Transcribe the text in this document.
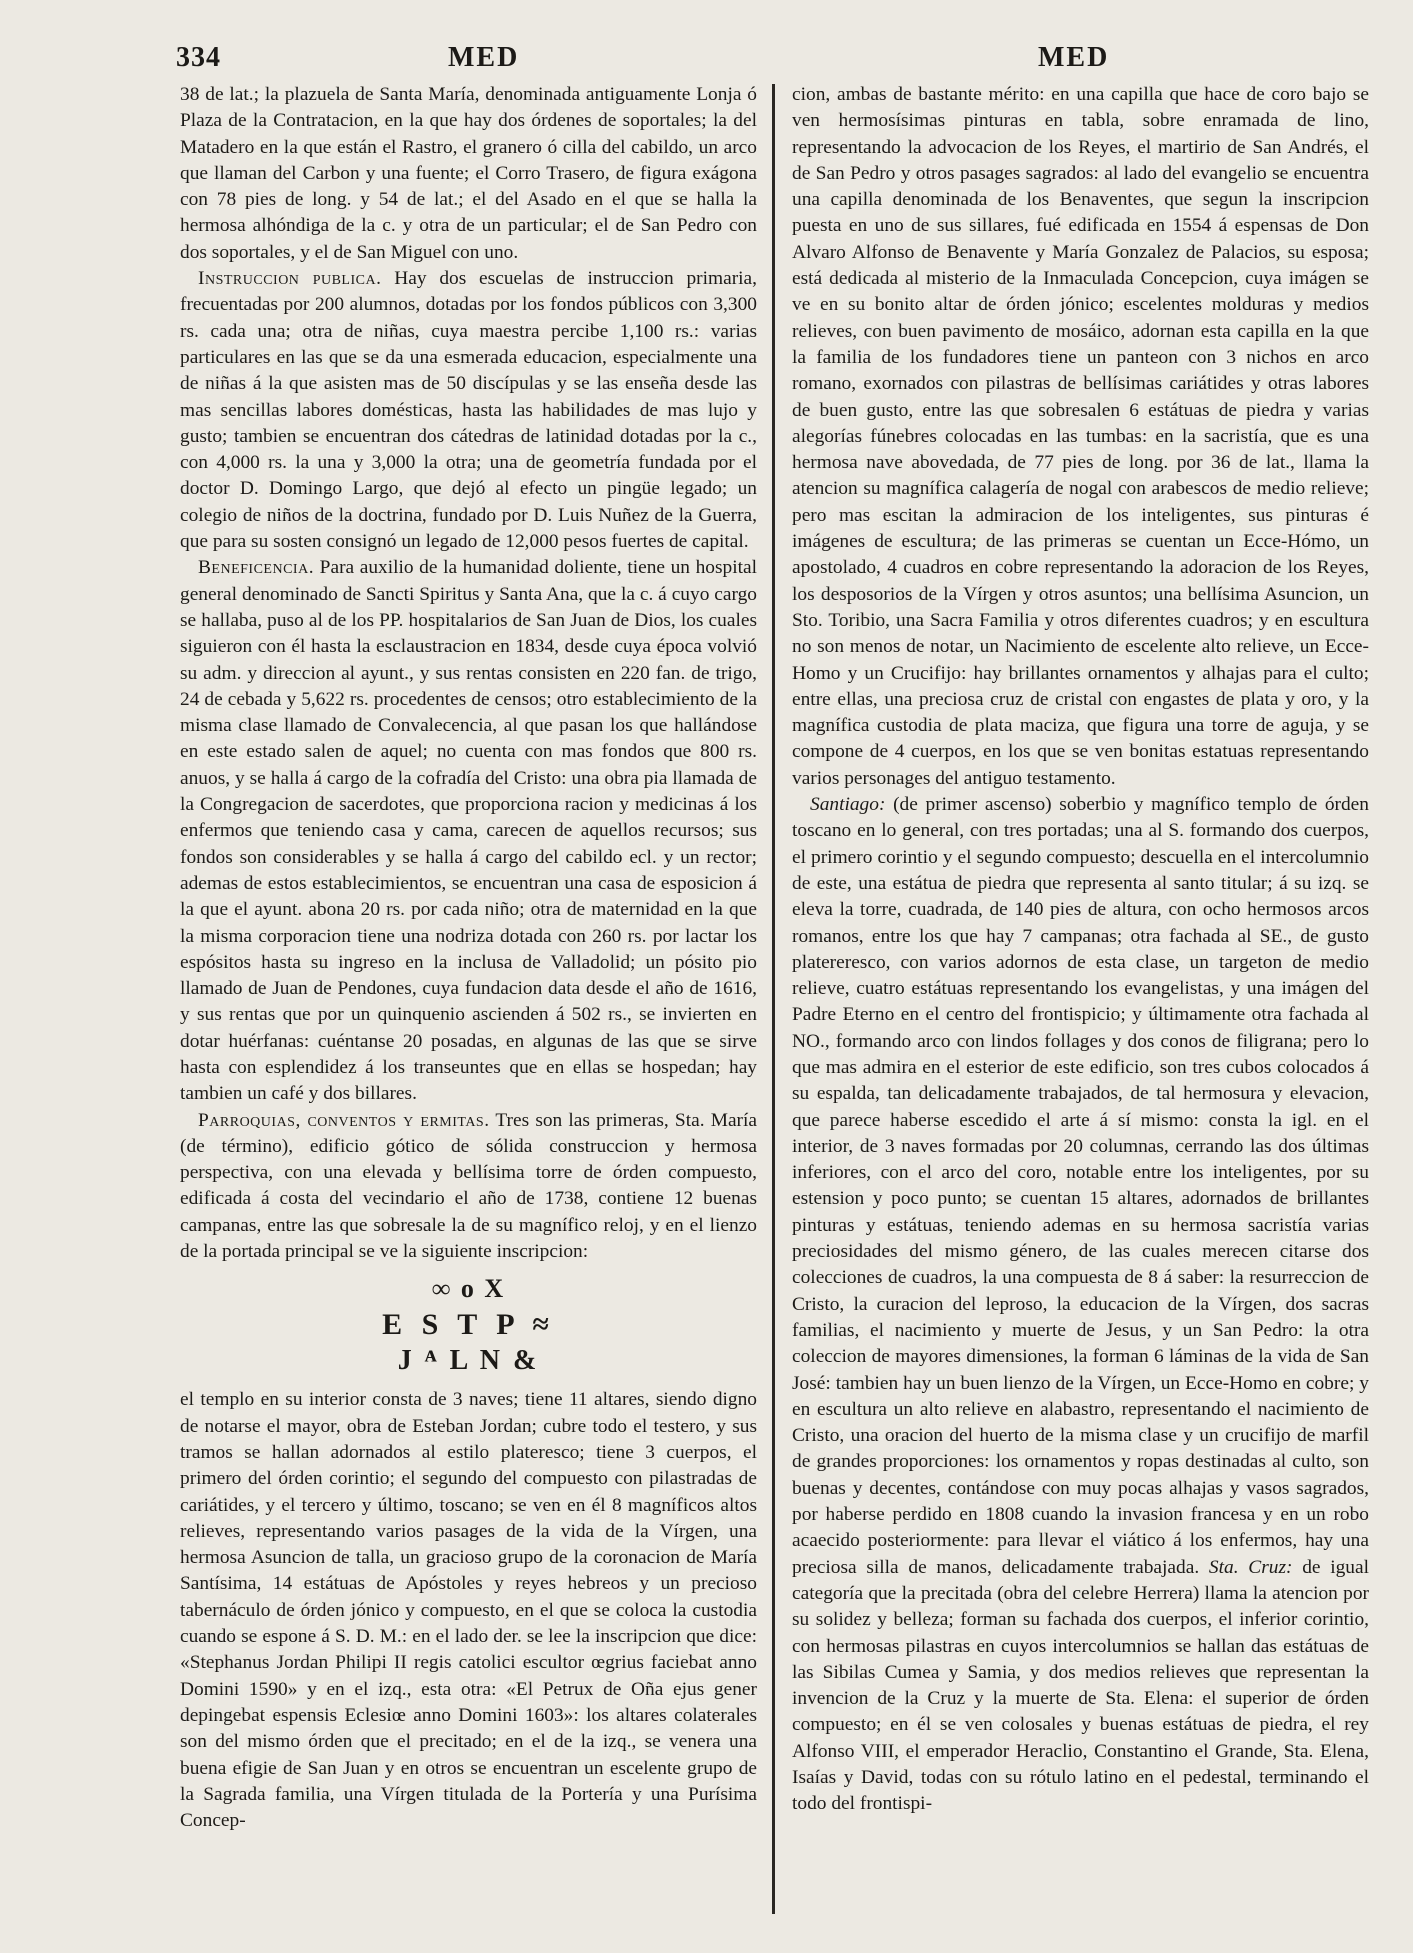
334	MED	MED

38 de lat.; la plazuela de Santa María, denominada antiguamente Lonja ó Plaza de la Contratacion, en la que hay dos órdenes de soportales; la del Matadero en la que están el Rastro, el granero ó cilla del cabildo, un arco que llaman del Carbon y una fuente; el Corro Trasero, de figura exágona con 78 pies de long. y 54 de lat.; el del Asado en el que se halla la hermosa alhóndiga de la c. y otra de un particular; el de San Pedro con dos soportales, y el de San Miguel con uno.

Instruccion publica. Hay dos escuelas de instruccion primaria, frecuentadas por 200 alumnos, dotadas por los fondos públicos con 3,300 rs. cada una; otra de niñas, cuya maestra percibe 1,100 rs.: varias particulares en las que se da una esmerada educacion, especialmente una de niñas á la que asisten mas de 50 discípulas y se las enseña desde las mas sencillas labores domésticas, hasta las habilidades de mas lujo y gusto; tambien se encuentran dos cátedras de latinidad dotadas por la c., con 4,000 rs. la una y 3,000 la otra; una de geometría fundada por el doctor D. Domingo Largo, que dejó al efecto un pingüe legado; un colegio de niños de la doctrina, fundado por D. Luis Nuñez de la Guerra, que para su sosten consignó un legado de 12,000 pesos fuertes de capital.

Beneficencia. Para auxilio de la humanidad doliente, tiene un hospital general denominado de Sancti Spiritus y Santa Ana, que la c. á cuyo cargo se hallaba, puso al de los PP. hospitalarios de San Juan de Dios, los cuales siguieron con él hasta la esclaustracion en 1834, desde cuya época volvió su adm. y direccion al ayunt., y sus rentas consisten en 220 fan. de trigo, 24 de cebada y 5,622 rs. procedentes de censos; otro establecimiento de la misma clase llamado de Convalecencia, al que pasan los que hallándose en este estado salen de aquel; no cuenta con mas fondos que 800 rs. anuos, y se halla á cargo de la cofradía del Cristo: una obra pia llamada de la Congregacion de sacerdotes, que proporciona racion y medicinas á los enfermos que teniendo casa y cama, carecen de aquellos recursos; sus fondos son considerables y se halla á cargo del cabildo ecl. y un rector; ademas de estos establecimientos, se encuentran una casa de esposicion á la que el ayunt. abona 20 rs. por cada niño; otra de maternidad en la que la misma corporacion tiene una nodriza dotada con 260 rs. por lactar los espósitos hasta su ingreso en la inclusa de Valladolid; un pósito pio llamado de Juan de Pendones, cuya fundacion data desde el año de 1616, y sus rentas que por un quinquenio ascienden á 502 rs., se invierten en dotar huérfanas: cuéntanse 20 posadas, en algunas de las que se sirve hasta con esplendidez á los transeuntes que en ellas se hospedan; hay tambien un café y dos billares.

Parroquias, conventos y ermitas. Tres son las primeras, Sta. María (de término), edificio gótico de sólida construccion y hermosa perspectiva, con una elevada y bellísima torre de órden compuesto, edificada á costa del vecindario el año de 1738, contiene 12 buenas campanas, entre las que sobresale la de su magnífico reloj, y en el lienzo de la portada principal se ve la siguiente inscripcion:

∞ o X
E S T P ≈
J ᴬ L N &

el templo en su interior consta de 3 naves; tiene 11 altares, siendo digno de notarse el mayor, obra de Esteban Jordan; cubre todo el testero, y sus tramos se hallan adornados al estilo plateresco; tiene 3 cuerpos, el primero del órden corintio; el segundo del compuesto con pilastradas de cariátides, y el tercero y último, toscano; se ven en él 8 magníficos altos relieves, representando varios pasages de la vida de la Vírgen, una hermosa Asuncion de talla, un gracioso grupo de la coronacion de María Santísima, 14 estátuas de Apóstoles y reyes hebreos y un precioso tabernáculo de órden jónico y compuesto, en el que se coloca la custodia cuando se espone á S. D. M.: en el lado der. se lee la inscripcion que dice: «Stephanus Jordan Philipi II regis catolici escultor œgrius faciebat anno Domini 1590» y en el izq., esta otra: «El Petrux de Oña ejus gener depingebat espensis Eclesiœ anno Domini 1603»: los altares colaterales son del mismo órden que el precitado; en el de la izq., se venera una buena efigie de San Juan y en otros se encuentran un escelente grupo de la Sagrada familia, una Vírgen titulada de la Portería y una Purísima Concep-

cion, ambas de bastante mérito: en una capilla que hace de coro bajo se ven hermosísimas pinturas en tabla, sobre enramada de lino, representando la advocacion de los Reyes, el martirio de San Andrés, el de San Pedro y otros pasages sagrados: al lado del evangelio se encuentra una capilla denominada de los Benaventes, que segun la inscripcion puesta en uno de sus sillares, fué edificada en 1554 á espensas de Don Alvaro Alfonso de Benavente y María Gonzalez de Palacios, su esposa; está dedicada al misterio de la Inmaculada Concepcion, cuya imágen se ve en su bonito altar de órden jónico; escelentes molduras y medios relieves, con buen pavimento de mosáico, adornan esta capilla en la que la familia de los fundadores tiene un panteon con 3 nichos en arco romano, exornados con pilastras de bellísimas cariátides y otras labores de buen gusto, entre las que sobresalen 6 estátuas de piedra y varias alegorías fúnebres colocadas en las tumbas: en la sacristía, que es una hermosa nave abovedada, de 77 pies de long. por 36 de lat., llama la atencion su magnífica calagería de nogal con arabescos de medio relieve; pero mas escitan la admiracion de los inteligentes, sus pinturas é imágenes de escultura; de las primeras se cuentan un Ecce-Hómo, un apostolado, 4 cuadros en cobre representando la adoracion de los Reyes, los desposorios de la Vírgen y otros asuntos; una bellísima Asuncion, un Sto. Toribio, una Sacra Familia y otros diferentes cuadros; y en escultura no son menos de notar, un Nacimiento de escelente alto relieve, un Ecce-Homo y un Crucifijo: hay brillantes ornamentos y alhajas para el culto; entre ellas, una preciosa cruz de cristal con engastes de plata y oro, y la magnífica custodia de plata maciza, que figura una torre de aguja, y se compone de 4 cuerpos, en los que se ven bonitas estatuas representando varios personages del antiguo testamento.

Santiago: (de primer ascenso) soberbio y magnífico templo de órden toscano en lo general, con tres portadas; una al S. formando dos cuerpos, el primero corintio y el segundo compuesto; descuella en el intercolumnio de este, una estátua de piedra que representa al santo titular; á su izq. se eleva la torre, cuadrada, de 140 pies de altura, con ocho hermosos arcos romanos, entre los que hay 7 campanas; otra fachada al SE., de gusto platereresco, con varios adornos de esta clase, un targeton de medio relieve, cuatro estátuas representando los evangelistas, y una imágen del Padre Eterno en el centro del frontispicio; y últimamente otra fachada al NO., formando arco con lindos follages y dos conos de filigrana; pero lo que mas admira en el esterior de este edificio, son tres cubos colocados á su espalda, tan delicadamente trabajados, de tal hermosura y elevacion, que parece haberse escedido el arte á sí mismo: consta la igl. en el interior, de 3 naves formadas por 20 columnas, cerrando las dos últimas inferiores, con el arco del coro, notable entre los inteligentes, por su estension y poco punto; se cuentan 15 altares, adornados de brillantes pinturas y estátuas, teniendo ademas en su hermosa sacristía varias preciosidades del mismo género, de las cuales merecen citarse dos colecciones de cuadros, la una compuesta de 8 á saber: la resurreccion de Cristo, la curacion del leproso, la educacion de la Vírgen, dos sacras familias, el nacimiento y muerte de Jesus, y un San Pedro: la otra coleccion de mayores dimensiones, la forman 6 láminas de la vida de San José: tambien hay un buen lienzo de la Vírgen, un Ecce-Homo en cobre; y en escultura un alto relieve en alabastro, representando el nacimiento de Cristo, una oracion del huerto de la misma clase y un crucifijo de marfil de grandes proporciones: los ornamentos y ropas destinadas al culto, son buenas y decentes, contándose con muy pocas alhajas y vasos sagrados, por haberse perdido en 1808 cuando la invasion francesa y en un robo acaecido posteriormente: para llevar el viático á los enfermos, hay una preciosa silla de manos, delicadamente trabajada. Sta. Cruz: de igual categoría que la precitada (obra del celebre Herrera) llama la atencion por su solidez y belleza; forman su fachada dos cuerpos, el inferior corintio, con hermosas pilastras en cuyos intercolumnios se hallan das estátuas de las Sibilas Cumea y Samia, y dos medios relieves que representan la invencion de la Cruz y la muerte de Sta. Elena: el superior de órden compuesto; en él se ven colosales y buenas estátuas de piedra, el rey Alfonso VIII, el emperador Heraclio, Constantino el Grande, Sta. Elena, Isaías y David, todas con su rótulo latino en el pedestal, terminando el todo del frontispi-
